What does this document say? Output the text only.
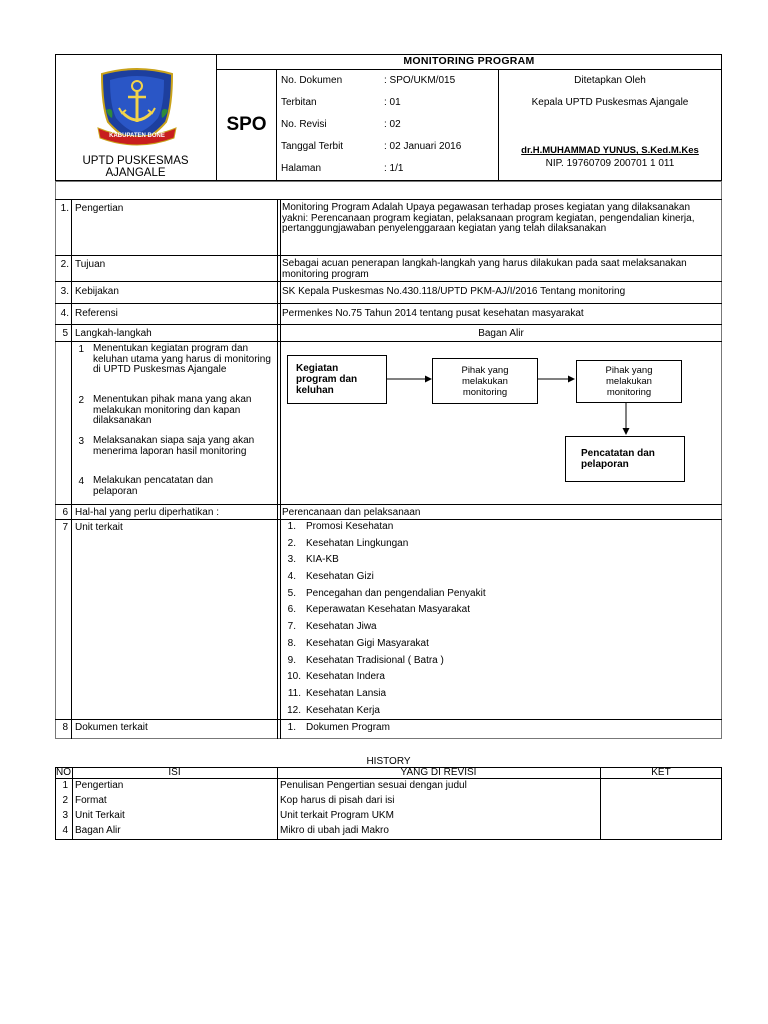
MONITORING PROGRAM
KABUPATEN BONE
UPTD PUSKESMAS
AJANGALE
SPO
No. Dokumen	: SPO/UKM/015
Terbitan	: 01
No. Revisi	: 02
Tanggal Terbit	: 02 Januari 2016
Halaman	: 1/1
Ditetapkan Oleh
Kepala UPTD Puskesmas Ajangale
dr.H.MUHAMMAD YUNUS, S.Ked.M.Kes
NIP. 19760709 200701 1 011
1. Pengertian	Monitoring Program Adalah Upaya pegawasan terhadap proses kegiatan yang dilaksanakan yakni: Perencanaan program kegiatan, pelaksanaan program kegiatan, pengendalian kinerja, pertanggungjawaban penyelenggaraan kegiatan yang telah dilaksanakan
2. Tujuan	Sebagai acuan penerapan langkah-langkah yang harus dilakukan pada saat melaksanakan monitoring program
3. Kebijakan	SK Kepala Puskesmas No.430.118/UPTD PKM-AJ/I/2016 Tentang monitoring
4. Referensi	Permenkes No.75 Tahun 2014 tentang pusat kesehatan masyarakat
5 Langkah-langkah	Bagan Alir
1 Menentukan kegiatan program dan keluhan utama yang harus di monitoring di UPTD Puskesmas Ajangale
2 Menentukan pihak mana yang akan melakukan monitoring dan kapan dilaksanakan
3 Melaksanakan siapa saja yang akan menerima laporan hasil monitoring
4 Melakukan pencatatan dan pelaporan
Kegiatan program dan keluhan
Pihak yang melakukan monitoring
Pihak yang melakukan monitoring
Pencatatan dan pelaporan
6 Hal-hal yang perlu diperhatikan :	Perencanaan dan pelaksanaan
7 Unit terkait	1. Promosi Kesehatan
2. Kesehatan Lingkungan
3. KIA-KB
4. Kesehatan Gizi
5. Pencegahan dan pengendalian Penyakit
6. Keperawatan Kesehatan Masyarakat
7. Kesehatan Jiwa
8. Kesehatan Gigi Masyarakat
9. Kesehatan Tradisional ( Batra )
10. Kesehatan Indera
11. Kesehatan Lansia
12. Kesehatan Kerja
8 Dokumen terkait	1. Dokumen Program
HISTORY
NO	ISI	YANG DI REVISI	KET
1 Pengertian	Penulisan Pengertian sesuai dengan judul
2 Format	Kop harus di pisah dari isi
3 Unit Terkait	Unit terkait Program UKM
4 Bagan Alir	Mikro di ubah jadi Makro
